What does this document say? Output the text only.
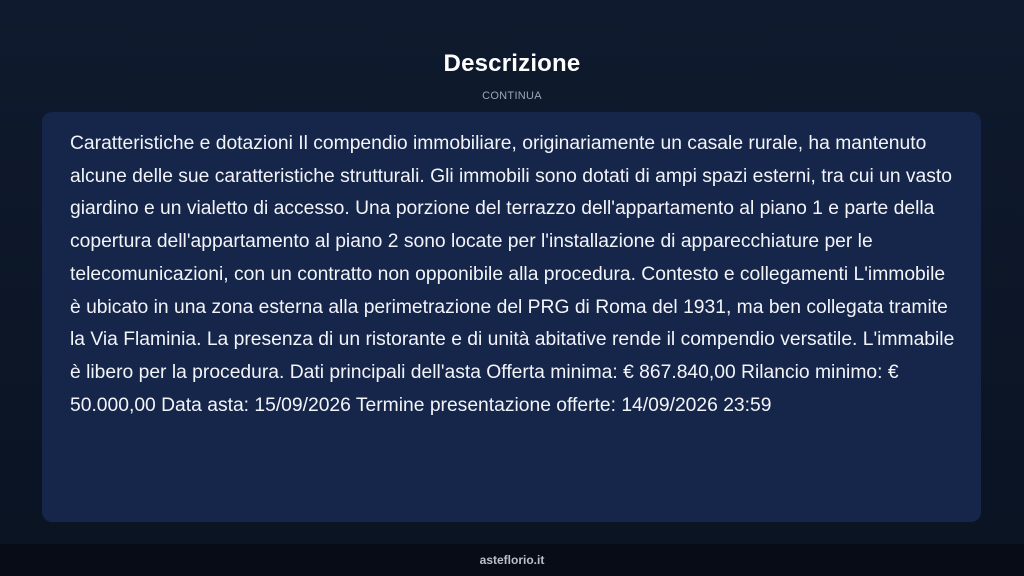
Descrizione
CONTINUA

Caratteristiche e dotazioni Il compendio immobiliare, originariamente un casale rurale, ha mantenuto alcune delle sue caratteristiche strutturali. Gli immobili sono dotati di ampi spazi esterni, tra cui un vasto giardino e un vialetto di accesso. Una porzione del terrazzo dell'appartamento al piano 1 e parte della copertura dell'appartamento al piano 2 sono locate per l'installazione di apparecchiature per le telecomunicazioni, con un contratto non opponibile alla procedura. Contesto e collegamenti L'immobile è ubicato in una zona esterna alla perimetrazione del PRG di Roma del 1931, ma ben collegata tramite la Via Flaminia. La presenza di un ristorante e di unità abitative rende il compendio versatile. L'immabile è libero per la procedura. Dati principali dell'asta Offerta minima: € 867.840,00 Rilancio minimo: € 50.000,00 Data asta: 15/09/2026 Termine presentazione offerte: 14/09/2026 23:59

asteflorio.it
